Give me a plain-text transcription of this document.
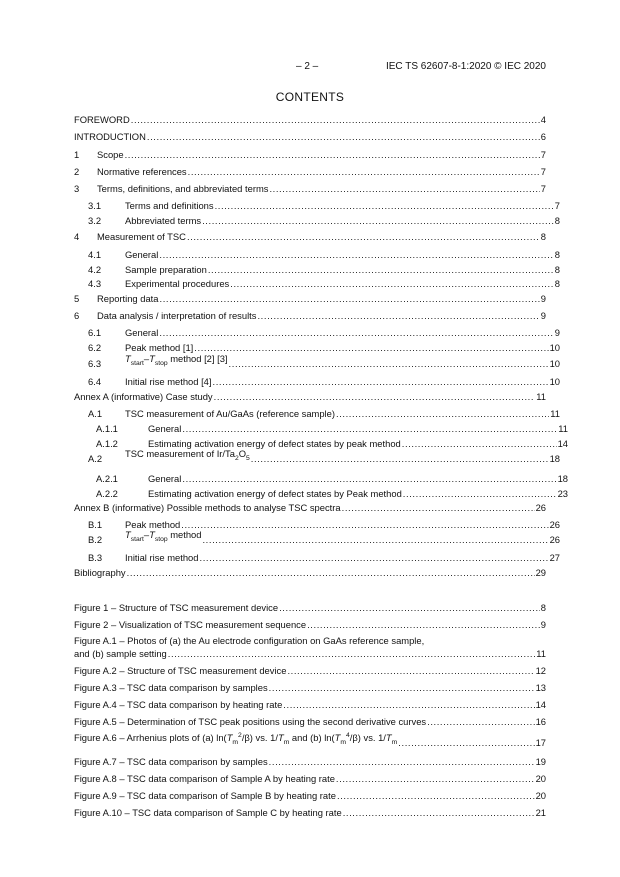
– 2 –	IEC TS 62607-8-1:2020 © IEC 2020
CONTENTS
FOREWORD .....	4
INTRODUCTION .....	6
1	Scope .....	7
2	Normative references .....	7
3	Terms, definitions, and abbreviated terms .....	7
3.1	Terms and definitions .....	7
3.2	Abbreviated terms .....	8
4	Measurement of TSC .....	8
4.1	General .....	8
4.2	Sample preparation .....	8
4.3	Experimental procedures .....	8
5	Reporting data .....	9
6	Data analysis / interpretation of results .....	9
6.1	General .....	9
6.2	Peak method [1] .....	10
6.3	$T_{start}-T_{stop}$ method [2] [3] .....	10
6.4	Initial rise method [4] .....	10
Annex A (informative) Case study .....	11
A.1	TSC measurement of Au/GaAs (reference sample) .....	11
A.1.1	General .....	11
A.1.2	Estimating activation energy of defect states by peak method .....	14
A.2	TSC measurement of $Ir/Ta_2O_5$ .....	18
A.2.1	General .....	18
A.2.2	Estimating activation energy of defect states by Peak method .....	23
Annex B (informative) Possible methods to analyse TSC spectra .....	26
B.1	Peak method .....	26
B.2	$T_{start}-T_{stop}$ method .....	26
B.3	Initial rise method .....	27
Bibliography .....	29
Figure 1 – Structure of TSC measurement device .....	8
Figure 2 – Visualization of TSC measurement sequence .....	9
Figure A.1 – Photos of (a) the Au electrode configuration on GaAs reference sample,
and (b) sample setting .....	11
Figure A.2 – Structure of TSC measurement device .....	12
Figure A.3 – TSC data comparison by samples .....	13
Figure A.4 – TSC data comparison by heating rate .....	14
Figure A.5 – Determination of TSC peak positions using the second derivative curves .....	16
Figure A.6 – Arrhenius plots of (a) $\ln(T_m^2/\beta)$ vs. $1/T_m$ and (b) $\ln(T_m^4/\beta)$ vs. $1/T_m$ .....	17
Figure A.7 – TSC data comparison by samples .....	19
Figure A.8 – TSC data comparison of Sample A by heating rate .....	20
Figure A.9 – TSC data comparison of Sample B by heating rate .....	20
Figure A.10 – TSC data comparison of Sample C by heating rate .....	21
